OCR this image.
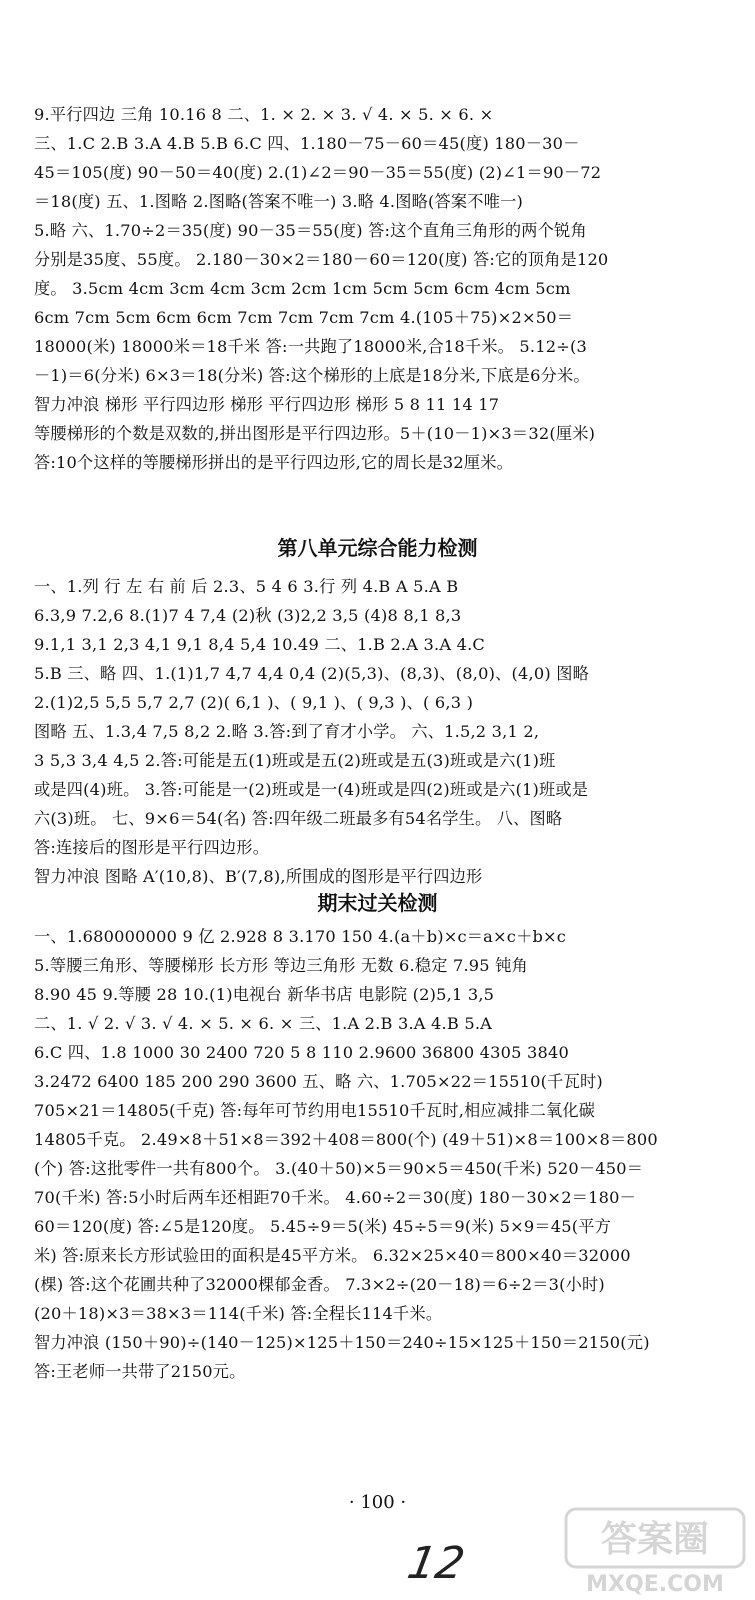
9.平行四边 三角 10.16 8 二、1. × 2. × 3. √ 4. × 5. × 6. ×
三、1.C 2.B 3.A 4.B 5.B 6.C 四、1.180－75－60＝45(度) 180－30－
45＝105(度) 90－50＝40(度) 2.(1)∠2＝90－35＝55(度) (2)∠1＝90－72
＝18(度) 五、1.图略 2.图略(答案不唯一) 3.略 4.图略(答案不唯一)
5.略 六、1.70÷2＝35(度) 90－35＝55(度) 答:这个直角三角形的两个锐角
分别是35度、55度。 2.180－30×2＝180－60＝120(度) 答:它的顶角是120
度。 3.5cm 4cm 3cm 4cm 3cm 2cm 1cm 5cm 5cm 6cm 4cm 5cm
6cm 7cm 5cm 6cm 6cm 7cm 7cm 7cm 7cm 4.(105＋75)×2×50＝
18000(米) 18000米＝18千米 答:一共跑了18000米,合18千米。 5.12÷(3
－1)＝6(分米) 6×3＝18(分米) 答:这个梯形的上底是18分米,下底是6分米。
智力冲浪 梯形 平行四边形 梯形 平行四边形 梯形 5 8 11 14 17
等腰梯形的个数是双数的,拼出图形是平行四边形。5＋(10－1)×3＝32(厘米)
答:10个这样的等腰梯形拼出的是平行四边形,它的周长是32厘米。
第八单元综合能力检测
一、1.列 行 左 右 前 后 2.3、5 4 6 3.行 列 4.B A 5.A B
6.3,9 7.2,6 8.(1)7 4 7,4 (2)秋 (3)2,2 3,5 (4)8 8,1 8,3
9.1,1 3,1 2,3 4,1 9,1 8,4 5,4 10.49 二、1.B 2.A 3.A 4.C
5.B 三、略 四、1.(1)1,7 4,7 4,4 0,4 (2)(5,3)、(8,3)、(8,0)、(4,0) 图略
2.(1)2,5 5,5 5,7 2,7 (2)( 6,1 )、( 9,1 )、( 9,3 )、( 6,3 )
图略 五、1.3,4 7,5 8,2 2.略 3.答:到了育才小学。 六、1.5,2 3,1 2,
3 5,3 3,4 4,5 2.答:可能是五(1)班或是五(2)班或是五(3)班或是六(1)班
或是四(4)班。 3.答:可能是一(2)班或是一(4)班或是四(2)班或是六(1)班或是
六(3)班。 七、9×6＝54(名) 答:四年级二班最多有54名学生。 八、图略
答:连接后的图形是平行四边形。
智力冲浪 图略 A′(10,8)、B′(7,8),所围成的图形是平行四边形
期末过关检测
一、1.680000000 9 亿 2.928 8 3.170 150 4.(a＋b)×c＝a×c＋b×c
5.等腰三角形、等腰梯形 长方形 等边三角形 无数 6.稳定 7.95 钝角
8.90 45 9.等腰 28 10.(1)电视台 新华书店 电影院 (2)5,1 3,5
二、1. √ 2. √ 3. √ 4. × 5. × 6. × 三、1.A 2.B 3.A 4.B 5.A
6.C 四、1.8 1000 30 2400 720 5 8 110 2.9600 36800 4305 3840
3.2472 6400 185 200 290 3600 五、略 六、1.705×22＝15510(千瓦时)
705×21＝14805(千克) 答:每年可节约用电15510千瓦时,相应减排二氧化碳
14805千克。 2.49×8＋51×8＝392＋408＝800(个) (49＋51)×8＝100×8＝800
(个) 答:这批零件一共有800个。 3.(40＋50)×5＝90×5＝450(千米) 520－450＝
70(千米) 答:5小时后两车还相距70千米。 4.60÷2＝30(度) 180－30×2＝180－
60＝120(度) 答:∠5是120度。 5.45÷9＝5(米) 45÷5＝9(米) 5×9＝45(平方
米) 答:原来长方形试验田的面积是45平方米。 6.32×25×40＝800×40＝32000
(棵) 答:这个花圃共种了32000棵郁金香。 7.3×2÷(20－18)＝6÷2＝3(小时)
(20＋18)×3＝38×3＝114(千米) 答:全程长114千米。
智力冲浪 (150＋90)÷(140－125)×125＋150＝240÷15×125＋150＝2150(元)
答:王老师一共带了2150元。
· 100 ·
12	答案圈
MXQE.COM
